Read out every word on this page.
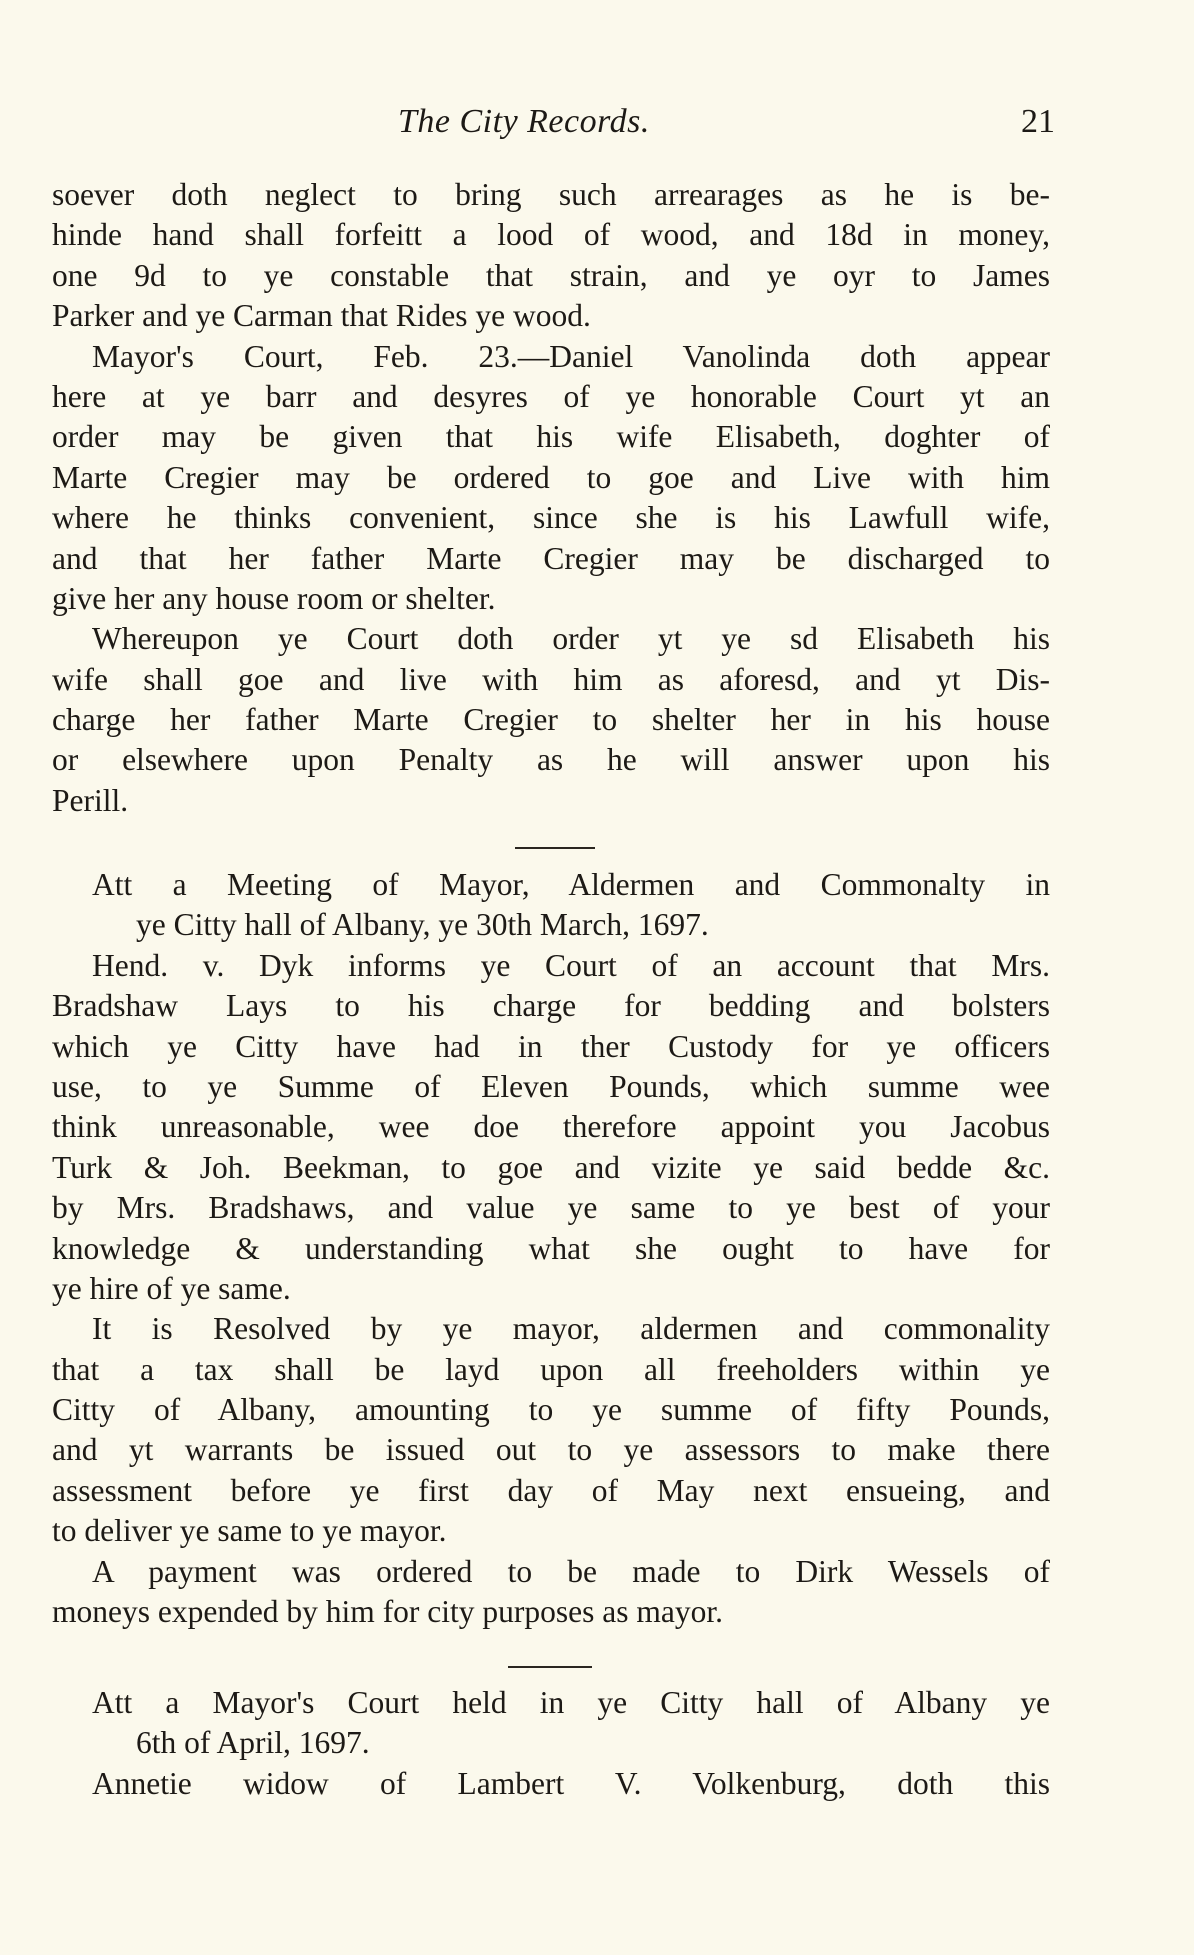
The City Records.	21
soever doth neglect to bring such arrearages as he is be-
hinde hand shall forfeitt a lood of wood, and 18d in money,
one 9d to ye constable that strain, and ye oyr to James
Parker and ye Carman that Rides ye wood.
Mayor's Court, Feb. 23.—Daniel Vanolinda doth appear
here at ye barr and desyres of ye honorable Court yt an
order may be given that his wife Elisabeth, doghter of
Marte Cregier may be ordered to goe and Live with him
where he thinks convenient, since she is his Lawfull wife,
and that her father Marte Cregier may be discharged to
give her any house room or shelter.
Whereupon ye Court doth order yt ye sd Elisabeth his
wife shall goe and live with him as aforesd, and yt Dis-
charge her father Marte Cregier to shelter her in his house
or elsewhere upon Penalty as he will answer upon his
Perill.
Att a Meeting of Mayor, Aldermen and Commonalty in
ye Citty hall of Albany, ye 30th March, 1697.
Hend. v. Dyk informs ye Court of an account that Mrs.
Bradshaw Lays to his charge for bedding and bolsters
which ye Citty have had in ther Custody for ye officers
use, to ye Summe of Eleven Pounds, which summe wee
think unreasonable, wee doe therefore appoint you Jacobus
Turk & Joh. Beekman, to goe and vizite ye said bedde &c.
by Mrs. Bradshaws, and value ye same to ye best of your
knowledge & understanding what she ought to have for
ye hire of ye same.
It is Resolved by ye mayor, aldermen and commonality
that a tax shall be layd upon all freeholders within ye
Citty of Albany, amounting to ye summe of fifty Pounds,
and yt warrants be issued out to ye assessors to make there
assessment before ye first day of May next ensueing, and
to deliver ye same to ye mayor.
A payment was ordered to be made to Dirk Wessels of
moneys expended by him for city purposes as mayor.
Att a Mayor's Court held in ye Citty hall of Albany ye
6th of April, 1697.
Annetie widow of Lambert V. Volkenburg, doth this
